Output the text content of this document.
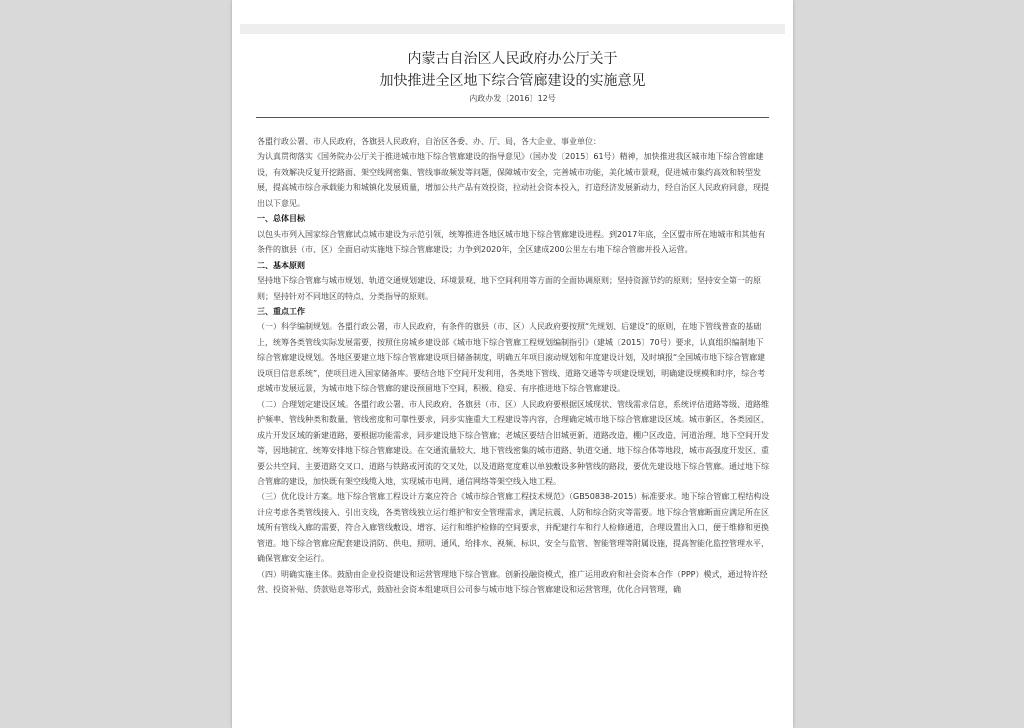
内蒙古自治区人民政府办公厅关于
加快推进全区地下综合管廊建设的实施意见
内政办发〔2016〕12号

各盟行政公署、市人民政府，各旗县人民政府，自治区各委、办、厅、局，各大企业、事业单位：

为认真贯彻落实《国务院办公厅关于推进城市地下综合管廊建设的指导意见》（国办发〔2015〕61号）精神，加快推进我区城市地下综合管廊建设，有效解决反复开挖路面、架空线网密集、管线事故频发等问题，保障城市安全，完善城市功能，美化城市景观，促进城市集约高效和转型发展，提高城市综合承载能力和城镇化发展质量，增加公共产品有效投资，拉动社会资本投入，打造经济发展新动力，经自治区人民政府同意，现提出以下意见。

一、总体目标

以包头市列入国家综合管廊试点城市建设为示范引领，统筹推进各地区城市地下综合管廊建设进程。到2017年底，全区盟市所在地城市和其他有条件的旗县（市、区）全面启动实施地下综合管廊建设；力争到2020年，全区建成200公里左右地下综合管廊并投入运营。

二、基本原则

坚持地下综合管廊与城市规划、轨道交通规划建设、环境景观、地下空间利用等方面的全面协调原则；坚持资源节约的原则；坚持安全第一的原则；坚持针对不同地区的特点、分类指导的原则。

三、重点工作

（一）科学编制规划。各盟行政公署，市人民政府，有条件的旗县（市、区）人民政府要按照“先规划、后建设”的原则，在地下管线普查的基础上，统筹各类管线实际发展需要，按照住房城乡建设部《城市地下综合管廊工程规划编制指引》（建城〔2015〕70号）要求，认真组织编制地下综合管廊建设规划。各地区要建立地下综合管廊建设项目储备制度，明确五年项目滚动规划和年度建设计划，及时填报“全国城市地下综合管廊建设项目信息系统”，使项目进入国家储备库。要结合地下空间开发利用，各类地下管线、道路交通等专项建设规划，明确建设规模和时序，综合考虑城市发展远景，为城市地下综合管廊的建设预留地下空间，积极、稳妥、有序推进地下综合管廊建设。

（二）合理划定建设区域。各盟行政公署、市人民政府、各旗县（市、区）人民政府要根据区域现状、管线需求信息，系统评估道路等级、道路维护频率、管线种类和数量、管线密度和可靠性要求，同步实施重大工程建设等内容，合理确定城市地下综合管廊建设区域。城市新区、各类园区、成片开发区域的新建道路，要根据功能需求，同步建设地下综合管廊；老城区要结合旧城更新、道路改造、棚户区改造、河道治理、地下空间开发等，因地制宜、统筹安排地下综合管廊建设。在交通流量较大、地下管线密集的城市道路、轨道交通、地下综合体等地段，城市高强度开发区、重要公共空间、主要道路交叉口、道路与铁路或河流的交叉处，以及道路宽度难以单独敷设多种管线的路段，要优先建设地下综合管廊。通过地下综合管廊的建设，加快既有架空线缆入地，实现城市电网、通信网络等架空线入地工程。

（三）优化设计方案。地下综合管廊工程设计方案应符合《城市综合管廊工程技术规范》（GB50838-2015）标准要求。地下综合管廊工程结构设计应考虑各类管线接入、引出支线，各类管线独立运行维护和安全管理需求，满足抗震、人防和综合防灾等需要。地下综合管廊断面应满足所在区域所有管线入廊的需要，符合入廊管线敷设、增容、运行和维护检修的空间要求，并配建行车和行人检修通道，合理设置出入口，便于维修和更换管道。地下综合管廊应配套建设消防、供电、照明、通风、给排水、视频、标识、安全与监管、智能管理等附属设施，提高智能化监控管理水平，确保管廊安全运行。

（四）明确实施主体。鼓励由企业投资建设和运营管理地下综合管廊。创新投融资模式，推广运用政府和社会资本合作（PPP）模式，通过特许经营、投资补贴、贷款贴息等形式，鼓励社会资本组建项目公司参与城市地下综合管廊建设和运营管理，优化合同管理，确
